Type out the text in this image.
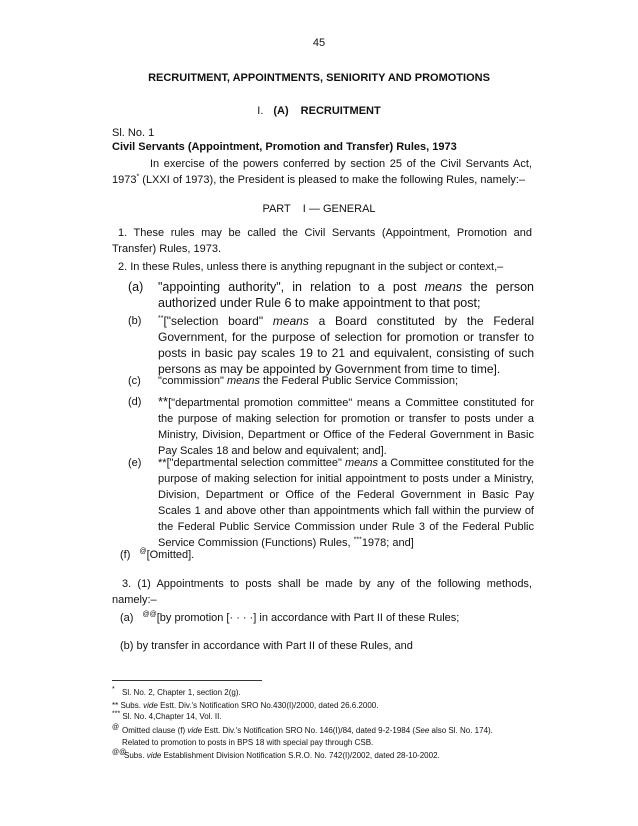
45
RECRUITMENT, APPOINTMENTS, SENIORITY AND PROMOTIONS
I. (A) RECRUITMENT
Sl. No. 1
Civil Servants (Appointment, Promotion and Transfer) Rules, 1973
In exercise of the powers conferred by section 25 of the Civil Servants Act, 1973* (LXXI of 1973), the President is pleased to make the following Rules, namely:–
PART    I — GENERAL
1. These rules may be called the Civil Servants (Appointment, Promotion and Transfer) Rules, 1973.
2. In these Rules, unless there is anything repugnant in the subject or context,–
(a)	"appointing authority", in relation to a post means the person authorized under Rule 6 to make appointment to that post;
(b)	**["selection board" means a Board constituted by the Federal Government, for the purpose of selection for promotion or transfer to posts in basic pay scales 19 to 21 and equivalent, consisting of such persons as may be appointed by Government from time to time].
(c)	"commission" means the Federal Public Service Commission;
(d)	**["departmental promotion committee" means a Committee constituted for the purpose of making selection for promotion or transfer to posts under a Ministry, Division, Department or Office of the Federal Government in Basic Pay Scales 18 and below and equivalent; and].
(e)	**["departmental selection committee" means a Committee constituted for the purpose of making selection for initial appointment to posts under a Ministry, Division, Department or Office of the Federal Government in Basic Pay Scales 1 and above other than appointments which fall within the purview of the Federal Public Service Commission under Rule 3 of the Federal Public Service Commission (Functions) Rules, ***1978; and]
(f) @[Omitted].
3. (1) Appointments to posts shall be made by any of the following methods, namely:–
(a) @@[by promotion [· · · ·] in accordance with Part II of these Rules;
(b) by transfer in accordance with Part II of these Rules, and
* Sl. No. 2, Chapter 1, section 2(g).
** Subs. vide Estt. Div.'s Notification SRO No.430(I)/2000, dated 26.6.2000.
*** Sl. No. 4,Chapter 14, Vol. II.
@ Omitted clause (f) vide Estt. Div.'s Notification SRO No. 146(I)/84, dated 9-2-1984 (See also Sl. No. 174).
Related to promotion to posts in BPS 18 with special pay through CSB.
@@Subs. vide Establishment Division Notification S.R.O. No. 742(I)/2002, dated 28-10-2002.
